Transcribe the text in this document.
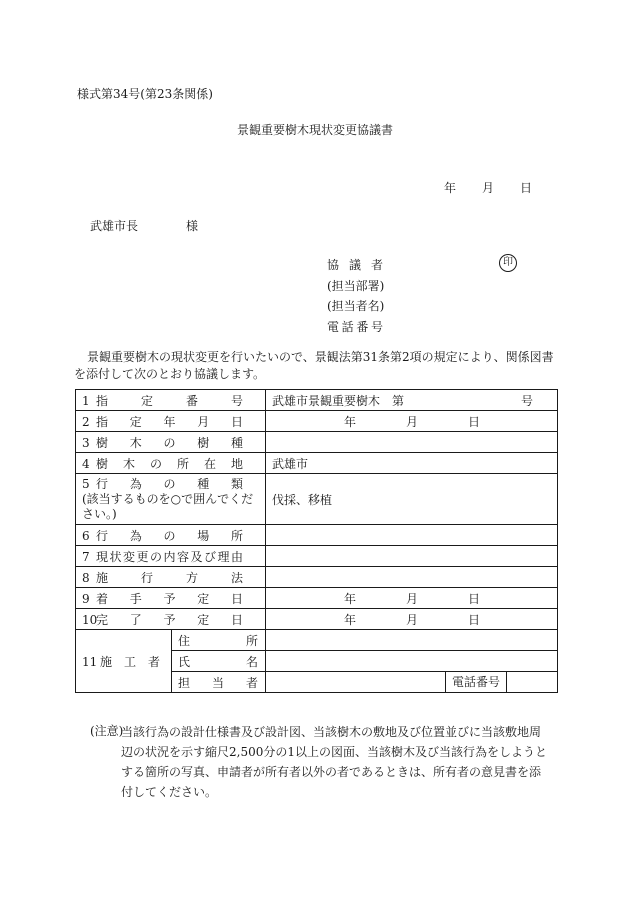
様式第34号(第23条関係)
景観重要樹木現状変更協議書
年 月 日
武雄市長	様
協議者
(担当部署)
(担当者名)
電話番号
印
景観重要樹木の現状変更を行いたいので、景観法第31条第2項の規定により、関係図書を添付して次のとおり協議します。
1 指定番号		武雄市景観重要樹木　第 号	

2 指定年月日		年 月 日	
3 樹木の樹種			
4 樹木の所在地		武雄市	
5 行為の種類

(該当するものを○で囲んでください。)		伐採、移植	
6 行為の場所			
7 現状変更の内容及び理由			
8 施行方法			
9 着手予定日		年 月 日	
10完了予定日		年 月 日	
11 施工者	住所		
	氏名		
	担当者		電話番号
(注意)
当該行為の設計仕様書及び設計図、当該樹木の敷地及び位置並びに当該敷地周辺の状況を示す縮尺2,500分の1以上の図面、当該樹木及び当該行為をしようとする箇所の写真、申請者が所有者以外の者であるときは、所有者の意見書を添付してください。
